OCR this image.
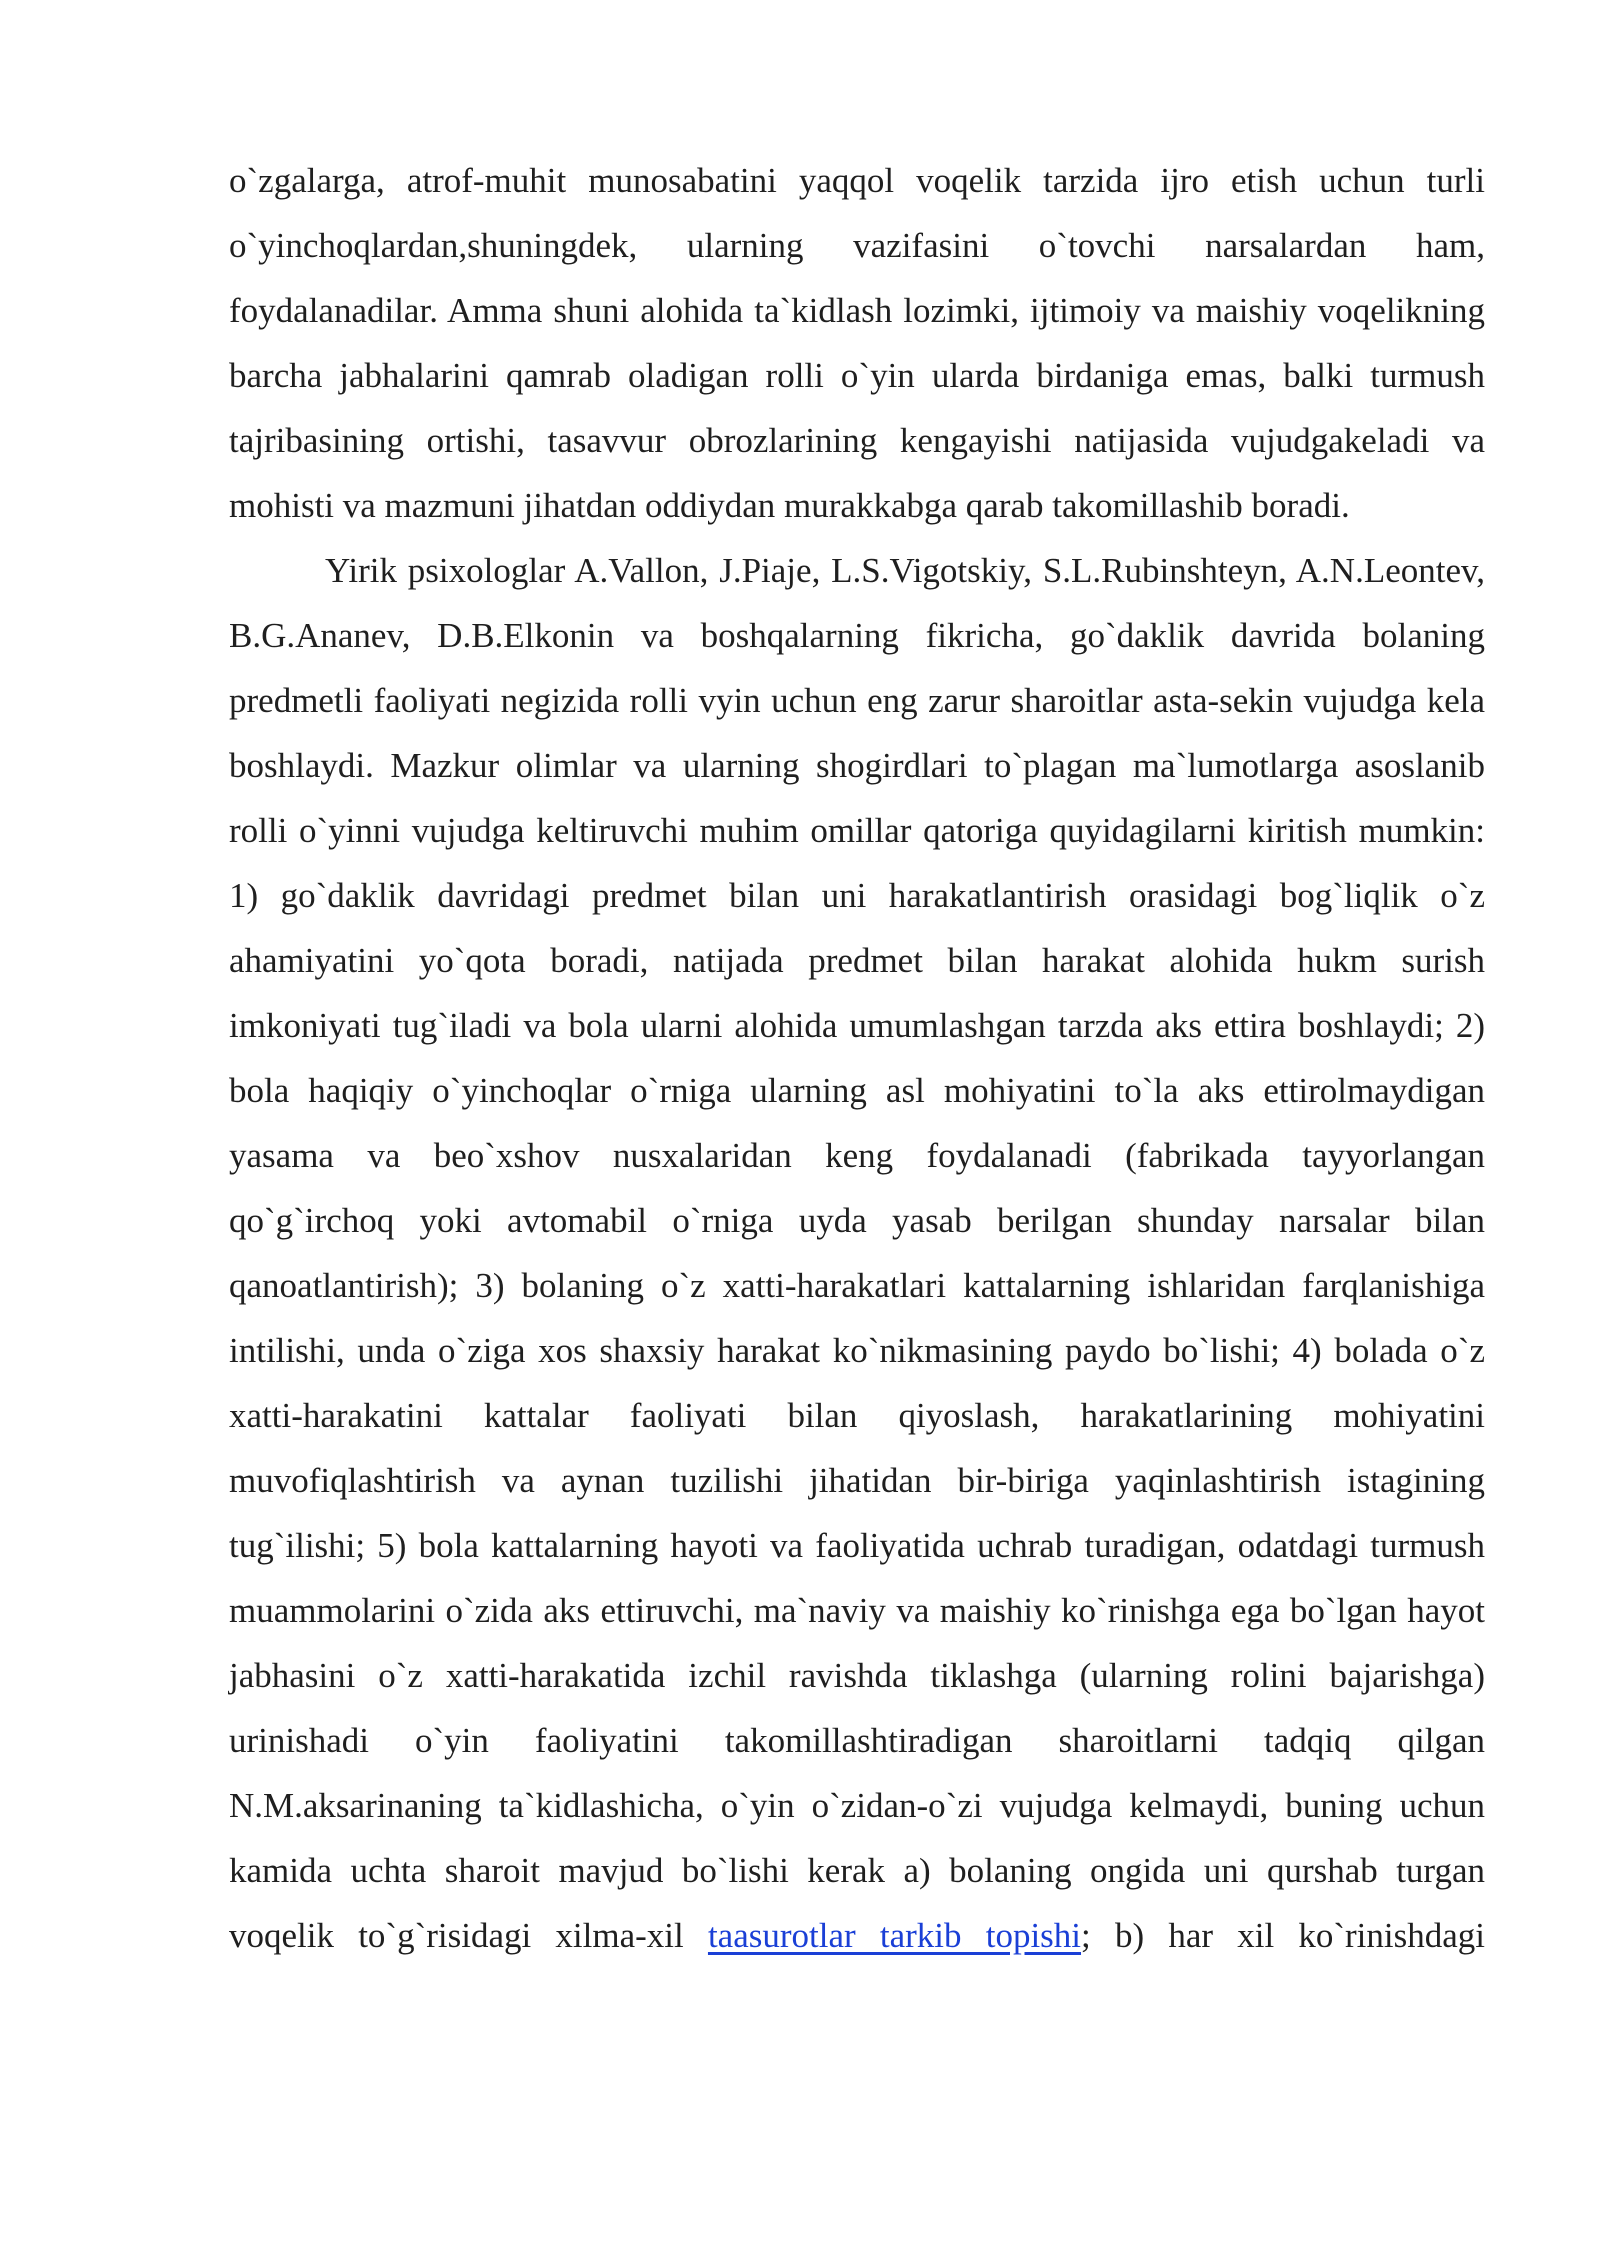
o`zgalarga, atrof-muhit munosabatini yaqqol voqelik tarzida ijro etish uchun turli o`yinchoqlardan,shuningdek, ularning vazifasini o`tovchi narsalardan ham, foydalanadilar. Amma shuni alohida ta`kidlash lozimki, ijtimoiy va maishiy voqelikning barcha jabhalarini qamrab oladigan rolli o`yin ularda birdaniga emas, balki turmush tajribasining ortishi, tasavvur obrozlarining kengayishi natijasida vujudgakeladi va mohisti va mazmuni jihatdan oddiydan murakkabga qarab takomillashib boradi.

Yirik psixologlar A.Vallon, J.Piaje, L.S.Vigotskiy, S.L.Rubinshteyn, A.N.Leontev, B.G.Ananev, D.B.Elkonin va boshqalarning fikricha, go`daklik davrida bolaning predmetli faoliyati negizida rolli vyin uchun eng zarur sharoitlar asta-sekin vujudga kela boshlaydi. Mazkur olimlar va ularning shogirdlari to`plagan ma`lumotlarga asoslanib rolli o`yinni vujudga keltiruvchi muhim omillar qatoriga quyidagilarni kiritish mumkin: 1) go`daklik davridagi predmet bilan uni harakatlantirish orasidagi bog`liqlik o`z ahamiyatini yo`qota boradi, natijada predmet bilan harakat alohida hukm surish imkoniyati tug`iladi va bola ularni alohida umumlashgan tarzda aks ettira boshlaydi; 2) bola haqiqiy o`yinchoqlar o`rniga ularning asl mohiyatini to`la aks ettirolmaydigan yasama va beo`xshov nusxalaridan keng foydalanadi (fabrikada tayyorlangan qo`g`irchoq yoki avtomabil o`rniga uyda yasab berilgan shunday narsalar bilan qanoatlantirish); 3) bolaning o`z xatti-harakatlari kattalarning ishlaridan farqlanishiga intilishi, unda o`ziga xos shaxsiy harakat ko`nikmasining paydo bo`lishi; 4) bolada o`z xatti-harakatini kattalar faoliyati bilan qiyoslash, harakatlarining mohiyatini muvofiqlashtirish va aynan tuzilishi jihatidan bir-biriga yaqinlashtirish istagining tug`ilishi; 5) bola kattalarning hayoti va faoliyatida uchrab turadigan, odatdagi turmush muammolarini o`zida aks ettiruvchi, ma`naviy va maishiy ko`rinishga ega bo`lgan hayot jabhasini o`z xatti-harakatida izchil ravishda tiklashga (ularning rolini bajarishga) urinishadi o`yin faoliyatini takomillashtiradigan sharoitlarni tadqiq qilgan N.M.aksarinaning ta`kidlashicha, o`yin o`zidan-o`zi vujudga kelmaydi, buning uchun kamida uchta sharoit mavjud bo`lishi kerak a) bolaning ongida uni qurshab turgan voqelik to`g`risidagi xilma-xil taasurotlar tarkib topishi; b) har xil ko`rinishdagi
